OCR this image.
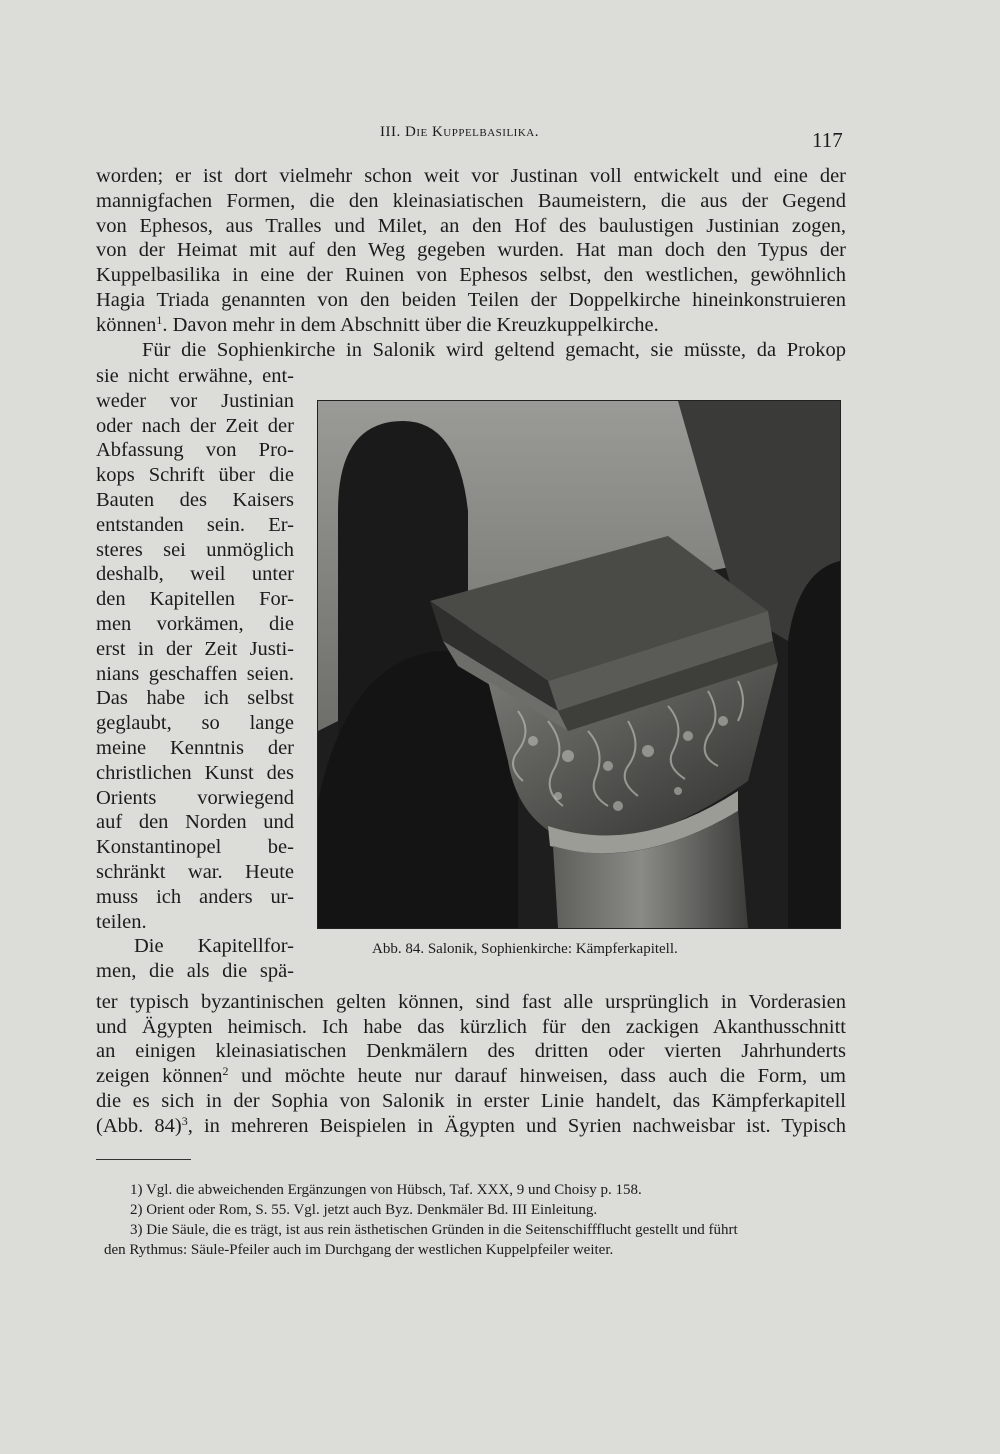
III. Die Kuppelbasilika.	117
worden; er ist dort vielmehr schon weit vor Justinan voll entwickelt und eine der
mannigfachen Formen, die den kleinasiatischen Baumeistern, die aus der Gegend
von Ephesos, aus Tralles und Milet, an den Hof des baulustigen Justinian zogen,
von der Heimat mit auf den Weg gegeben wurden. Hat man doch den Typus der
Kuppelbasilika in eine der Ruinen von Ephesos selbst, den westlichen, gewöhnlich
Hagia Triada genannten von den beiden Teilen der Doppelkirche hineinkonstruieren
können$^1$. Davon mehr in dem Abschnitt über die Kreuzkuppelkirche.
Für die Sophienkirche in Salonik wird geltend gemacht, sie müsste, da Prokop
sie nicht erwähne, ent-
weder vor Justinian
oder nach der Zeit der
Abfassung von Pro-
kops Schrift über die
Bauten des Kaisers
entstanden sein. Er-
steres sei unmöglich
deshalb, weil unter
den Kapitellen For-
men vorkämen, die
erst in der Zeit Justi-
nians geschaffen seien.
Das habe ich selbst
geglaubt, so lange
meine Kenntnis der
christlichen Kunst des
Orients vorwiegend
auf den Norden und
Konstantinopel be-
schränkt war. Heute
muss ich anders ur-
teilen.
Die Kapitellfor-
men, die als die spä-
Abb. 84. Salonik, Sophienkirche: Kämpferkapitell.
ter typisch byzantinischen gelten können, sind fast alle ursprünglich in Vorderasien
und Ägypten heimisch. Ich habe das kürzlich für den zackigen Akanthusschnitt
an einigen kleinasiatischen Denkmälern des dritten oder vierten Jahrhunderts
zeigen können$^2$ und möchte heute nur darauf hinweisen, dass auch die Form, um
die es sich in der Sophia von Salonik in erster Linie handelt, das Kämpferkapitell
(Abb. 84)$^3$, in mehreren Beispielen in Ägypten und Syrien nachweisbar ist. Typisch
1) Vgl. die abweichenden Ergänzungen von Hübsch, Taf. XXX, 9 und Choisy p. 158.
2) Orient oder Rom, S. 55. Vgl. jetzt auch Byz. Denkmäler Bd. III Einleitung.
3) Die Säule, die es trägt, ist aus rein ästhetischen Gründen in die Seitenschiffflucht gestellt und führt
den Rythmus: Säule-Pfeiler auch im Durchgang der westlichen Kuppelpfeiler weiter.
